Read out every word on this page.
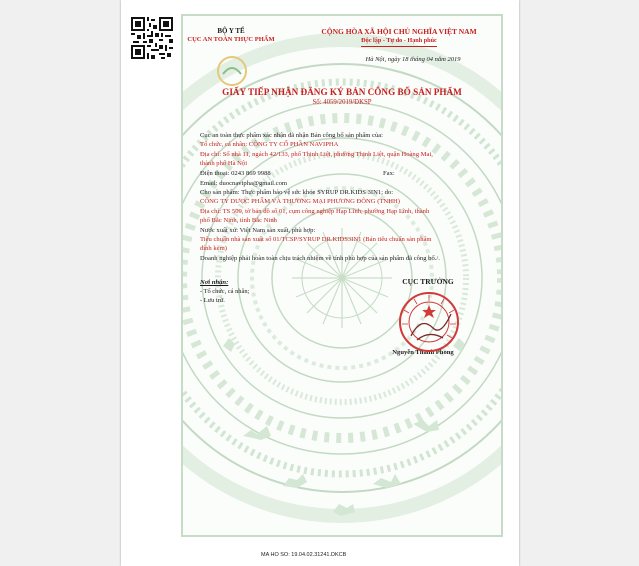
BỘ Y TẾ
CỤC AN TOÀN THỰC PHẨM
CỘNG HÒA XÃ HỘI CHỦ NGHĨA VIỆT NAM
Độc lập - Tự do - Hạnh phúc
Hà Nội, ngày 18 tháng 04 năm 2019
GIẤY TIẾP NHẬN ĐĂNG KÝ BẢN CÔNG BỐ SẢN PHẨM
Số: 4059/2019/ĐKSP
Cục an toàn thực phẩm xác nhận đã nhận Bản công bố sản phẩm của:
Tổ chức, cá nhân: CÔNG TY CỔ PHẦN NAVIPHA
Địa chỉ: Số nhà 11, ngách 42/133, phố Thịnh Liệt, phường Thịnh Liệt, quận Hoàng Mai,
thành phố Hà Nội
Điện thoại: 0243 869 9988	Fax:
Email: duocnavipha@gmail.com
Cho sản phẩm: Thực phẩm bảo vệ sức khỏe SYRUP DR.KIDS 3IN1; do:
CÔNG TY DƯỢC PHẨM VÀ THƯƠNG MẠI PHƯƠNG ĐÔNG (TNHH)
Địa chỉ: TS 509, tờ bản đồ số 01, cụm công nghiệp Hạp Lĩnh, phường Hạp Lĩnh, thành
phố Bắc Ninh, tỉnh Bắc Ninh
Nước xuất xứ: Việt Nam sản xuất, phù hợp:
Tiêu chuẩn nhà sản xuất số 01/TCSP/SYRUP DR.KIDS3IN1 (Bản tiêu chuẩn sản phẩm
đính kèm)
Doanh nghiệp phải hoàn toàn chịu trách nhiệm về tính phù hợp của sản phẩm đã công bố./.
Nơi nhận:
- Tổ chức, cá nhân;
- Lưu trữ.
CỤC TRƯỞNG
Nguyễn Thanh Phong
MA HO SO: 19.04.02.31241.DKCB
